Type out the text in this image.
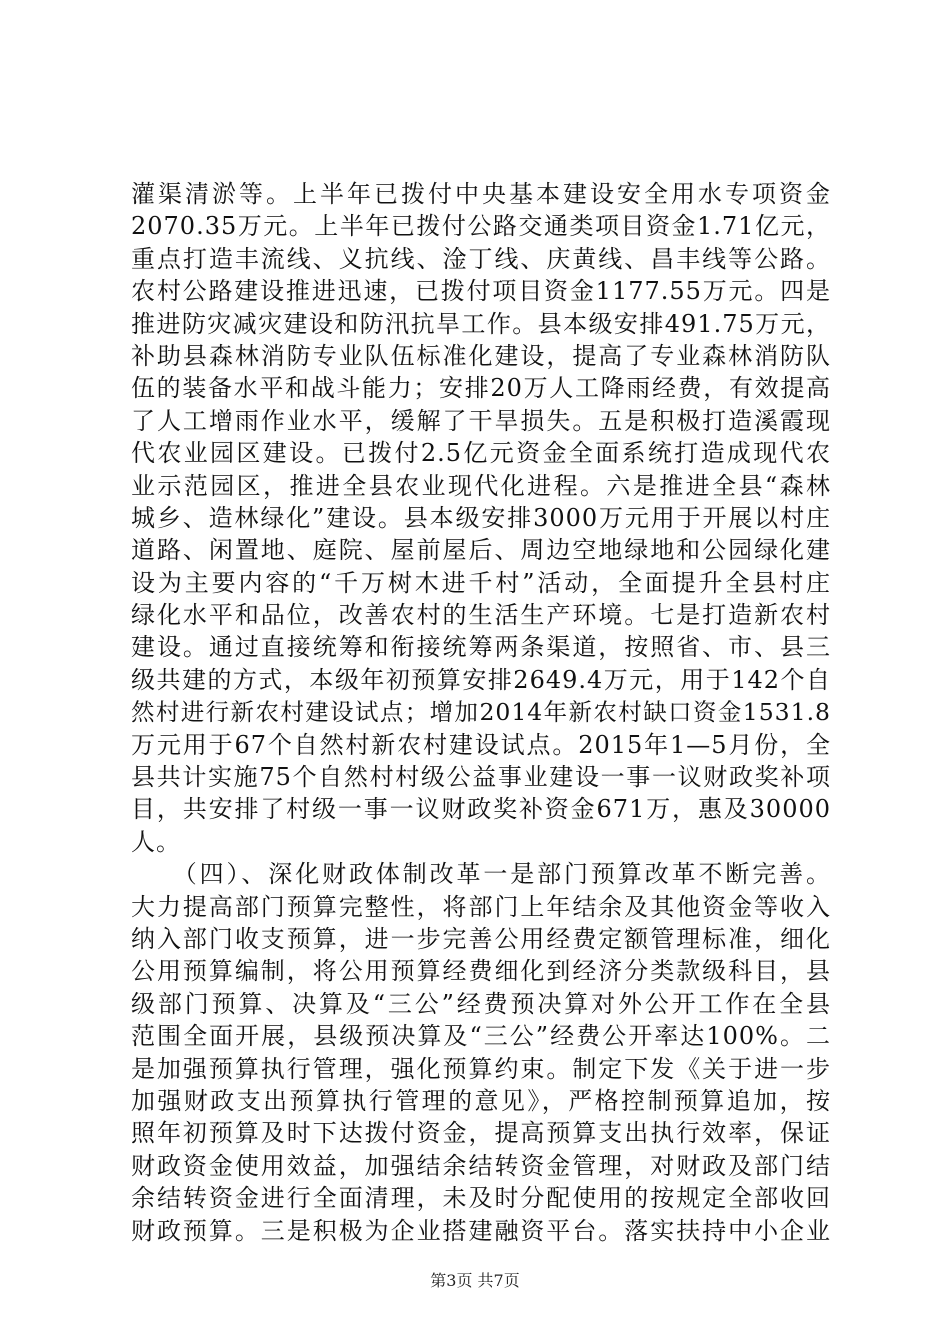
灌渠清淤等。上半年已拨付中央基本建设安全用水专项资金
2070.35万元。上半年已拨付公路交通类项目资金1.71亿元，
重点打造丰流线、义抗线、淦丁线、庆黄线、昌丰线等公路。
农村公路建设推进迅速，已拨付项目资金1177.55万元。四是
推进防灾减灾建设和防汛抗旱工作。县本级安排491.75万元，
补助县森林消防专业队伍标准化建设，提高了专业森林消防队
伍的装备水平和战斗能力；安排20万人工降雨经费，有效提高
了人工增雨作业水平，缓解了干旱损失。五是积极打造溪霞现
代农业园区建设。已拨付2.5亿元资金全面系统打造成现代农
业示范园区，推进全县农业现代化进程。六是推进全县“森林
城乡、造林绿化”建设。县本级安排3000万元用于开展以村庄
道路、闲置地、庭院、屋前屋后、周边空地绿地和公园绿化建
设为主要内容的“千万树木进千村”活动，全面提升全县村庄
绿化水平和品位，改善农村的生活生产环境。七是打造新农村
建设。通过直接统筹和衔接统筹两条渠道，按照省、市、县三
级共建的方式，本级年初预算安排2649.4万元，用于142个自
然村进行新农村建设试点；增加2014年新农村缺口资金1531.8
万元用于67个自然村新农村建设试点。2015年1—5月份，全
县共计实施75个自然村村级公益事业建设一事一议财政奖补项
目，共安排了村级一事一议财政奖补资金671万，惠及30000
人。
　　（四）、深化财政体制改革一是部门预算改革不断完善。
大力提高部门预算完整性，将部门上年结余及其他资金等收入
纳入部门收支预算，进一步完善公用经费定额管理标准，细化
公用预算编制，将公用预算经费细化到经济分类款级科目，县
级部门预算、决算及“三公”经费预决算对外公开工作在全县
范围全面开展，县级预决算及“三公”经费公开率达100%。二
是加强预算执行管理，强化预算约束。制定下发《关于进一步
加强财政支出预算执行管理的意见》，严格控制预算追加，按
照年初预算及时下达拨付资金，提高预算支出执行效率，保证
财政资金使用效益，加强结余结转资金管理，对财政及部门结
余结转资金进行全面清理，未及时分配使用的按规定全部收回
财政预算。三是积极为企业搭建融资平台。落实扶持中小企业
第3页 共7页
